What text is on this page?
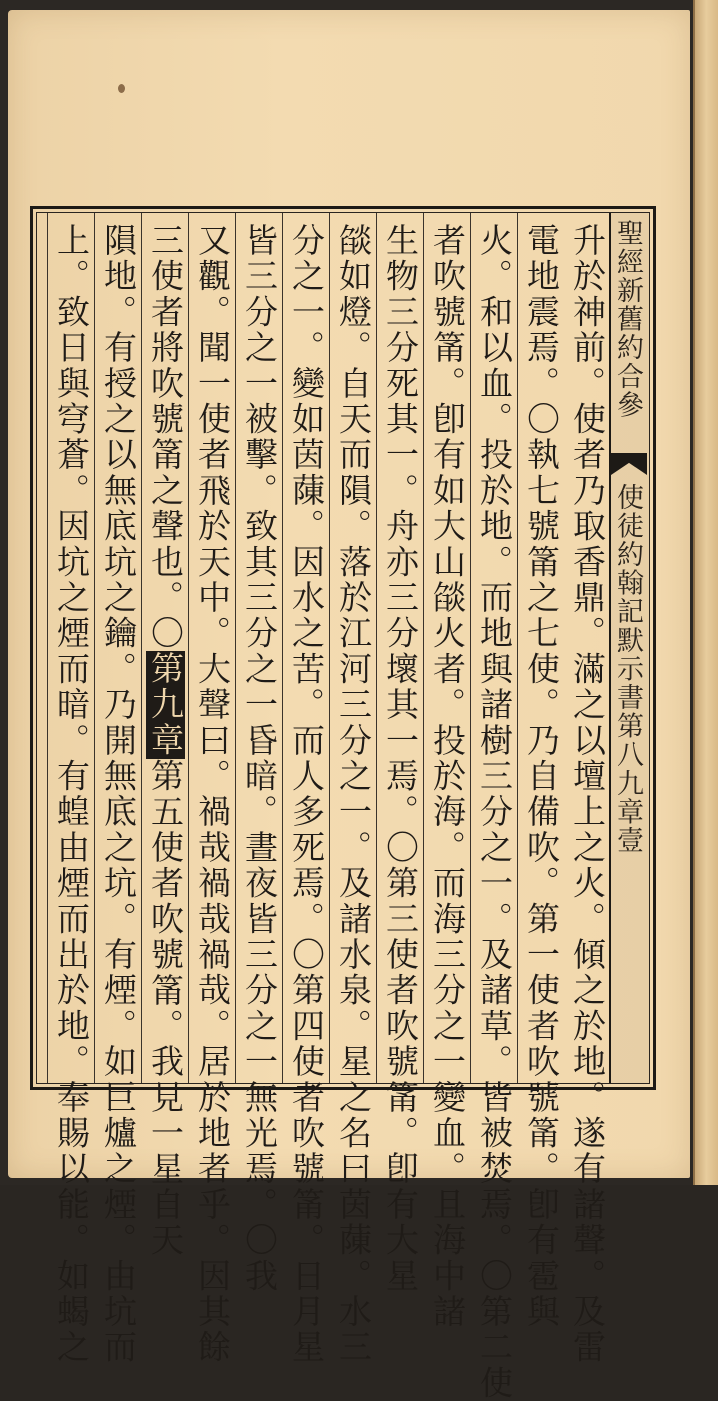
升於神前。使者乃取香鼎。滿之以壇上之火。傾之於地。遂有諸聲。及雷
電地震焉。〇執七號筩之七使。乃自備吹。第一使者吹號筩。卽有雹與
火。和以血。投於地。而地與諸樹三分之一。及諸草。皆被焚焉。〇第二使
者吹號筩。卽有如大山燄火者。投於海。而海三分之一變血。且海中諸
生物三分死其一。舟亦三分壞其一焉。〇第三使者吹號筩。卽有大星
燄如燈。自天而隕。落於江河三分之一。及諸水泉。星之名曰茵蔯。水三
分之一。變如茵蔯。因水之苦。而人多死焉。〇第四使者吹號筩。日月星
皆三分之一被擊。致其三分之一昏暗。晝夜皆三分之一無光焉。〇我
又觀。聞一使者飛於天中。大聲曰。禍哉禍哉禍哉。居於地者乎。因其餘
三使者將吹號筩之聲也。〇第九章第五使者吹號筩。我見一星自天
隕地。有授之以無底坑之鑰。乃開無底之坑。有煙。如巨爐之煙。由坑而
上。致日與穹蒼。因坑之煙而暗。有蝗由煙而出於地。奉賜以能。如蝎之	聖經新舊約合參
使徒約翰記默示書第八九章壹
